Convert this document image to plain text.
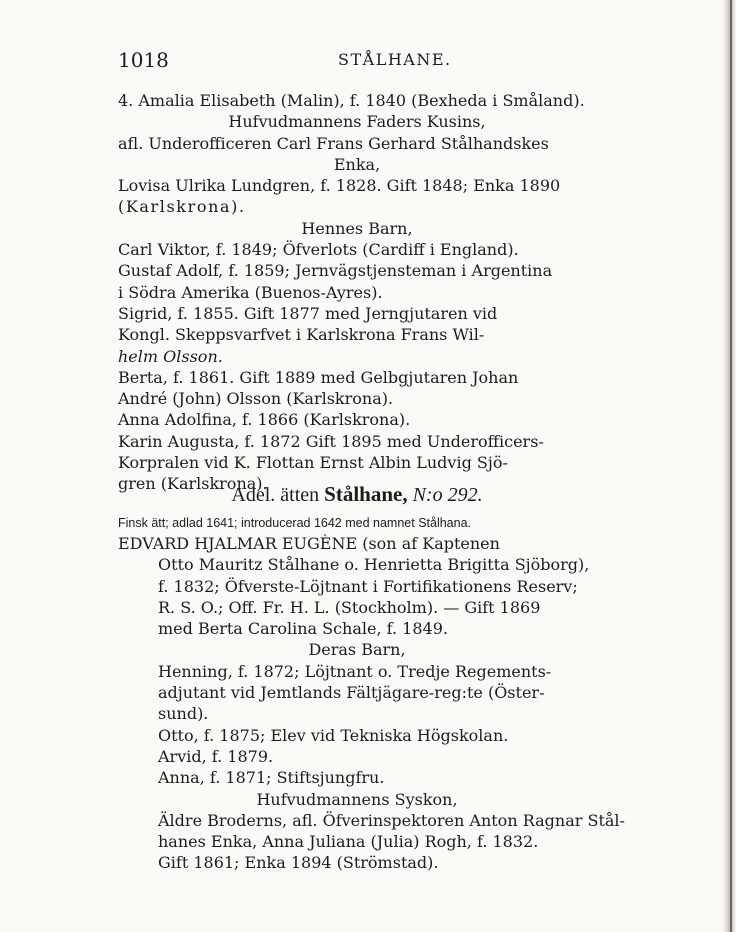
1018	STÅLHANE.
4. Amalia Elisabeth (Malin), f. 1840 (Bexheda i Småland).
Hufvudmannens Faders Kusins,
afl. Underofficeren Carl Frans Gerhard Stålhandskes
Enka,
Lovisa Ulrika Lundgren, f. 1828. Gift 1848; Enka 1890
(Karlskrona).
Hennes Barn,
Carl Viktor, f. 1849; Öfverlots (Cardiff i England).
Gustaf Adolf, f. 1859; Jernvägstjensteman i Argentina
i Södra Amerika (Buenos-Ayres).
Sigrid, f. 1855. Gift 1877 med Jerngjutaren vid
Kongl. Skeppsvarfvet i Karlskrona Frans Wil-
helm Olsson.
Berta, f. 1861. Gift 1889 med Gelbgjutaren Johan
André (John) Olsson (Karlskrona).
Anna Adolfina, f. 1866 (Karlskrona).
Karin Augusta, f. 1872 Gift 1895 med Underofficers-
Korpralen vid K. Flottan Ernst Albin Ludvig Sjö-
gren (Karlskrona).
Adel. ätten Stålhane, N:o 292.
Finsk ätt; adlad 1641; introducerad 1642 med namnet Stålhana.
EDVARD HJALMAR EUGÈNE (son af Kaptenen
Otto Mauritz Stålhane o. Henrietta Brigitta Sjöborg),
f. 1832; Öfverste-Löjtnant i Fortifikationens Reserv;
R. S. O.; Off. Fr. H. L. (Stockholm). — Gift 1869
med Berta Carolina Schale, f. 1849.
Deras Barn,
Henning, f. 1872; Löjtnant o. Tredje Regements-
adjutant vid Jemtlands Fältjägare-reg:te (Öster-
sund).
Otto, f. 1875; Elev vid Tekniska Högskolan.
Arvid, f. 1879.
Anna, f. 1871; Stiftsjungfru.
Hufvudmannens Syskon,
Äldre Broderns, afl. Öfverinspektoren Anton Ragnar Stål-
hanes Enka, Anna Juliana (Julia) Rogh, f. 1832.
Gift 1861; Enka 1894 (Strömstad).
